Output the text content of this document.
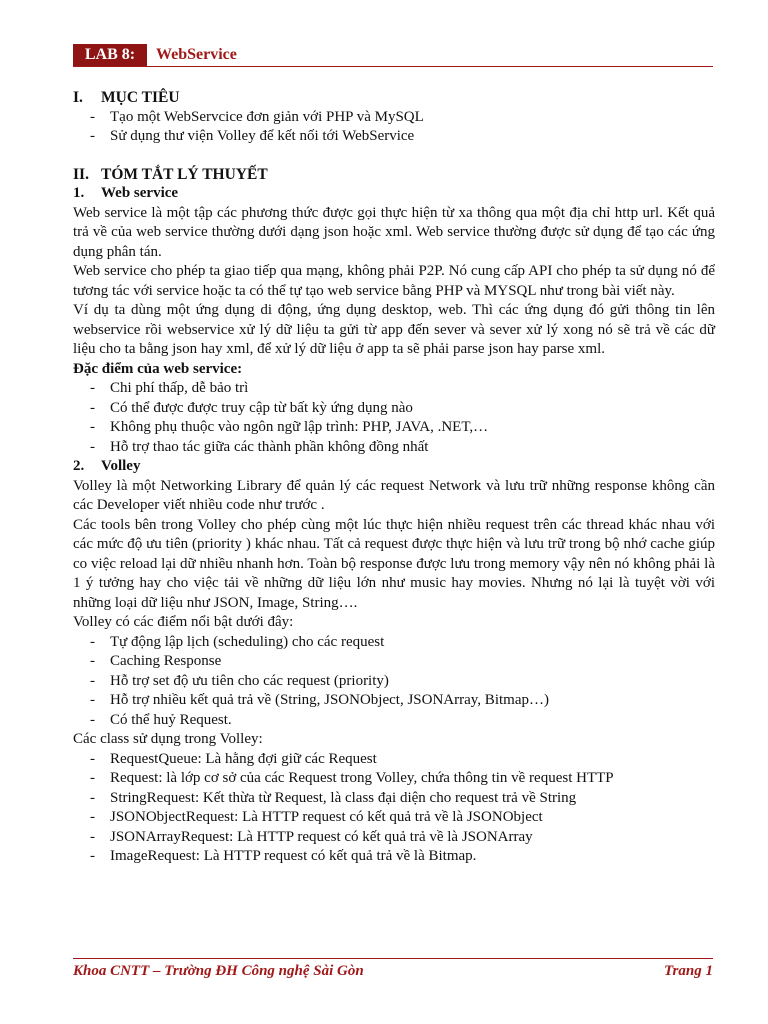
LAB 8:	WebService
I. MỤC TIÊU
- Tạo một WebServcice đơn giản với PHP và MySQL
- Sử dụng thư viện Volley để kết nối tới WebService
II. TÓM TẮT LÝ THUYẾT
1. Web service

Web service là một tập các phương thức được gọi thực hiện từ xa thông qua một địa chỉ http url. Kết quả trả về của web service thường dưới dạng json hoặc xml. Web service thường được sử dụng để tạo các ứng dụng phân tán.

Web service cho phép ta giao tiếp qua mạng, không phải P2P. Nó cung cấp API cho phép ta sử dụng nó để tương tác với service hoặc ta có thể tự tạo web service bằng PHP và MYSQL như trong bài viết này.

Ví dụ ta dùng một ứng dụng di động, ứng dụng desktop, web. Thì các ứng dụng đó gửi thông tin lên webservice rồi webservice xử lý dữ liệu ta gửi từ app đến sever và sever xử lý xong nó sẽ trả về các dữ liệu cho ta bằng json hay xml, để xử lý dữ liệu ở app ta sẽ phải parse json hay parse xml.

Đặc điểm của web service:
- Chi phí thấp, dễ bảo trì
- Có thể được được truy cập từ bất kỳ ứng dụng nào
- Không phụ thuộc vào ngôn ngữ lập trình: PHP, JAVA, .NET,…
- Hỗ trợ thao tác giữa các thành phần không đồng nhất
2. Volley

Volley là một Networking Library để quản lý các request Network và lưu trữ những response không cần các Developer viết nhiều code như trước .

Các tools bên trong Volley cho phép cùng một lúc thực hiện nhiều request trên các thread khác nhau với các mức độ ưu tiên (priority ) khác nhau. Tất cả request được thực hiện và lưu trữ trong bộ nhớ cache giúp co việc reload lại dữ nhiều nhanh hơn. Toàn bộ response được lưu trong memory vậy nên nó không phải là 1 ý tưởng hay cho việc tải về những dữ liệu lớn như music hay movies. Nhưng nó lại là tuyệt vời với những loại dữ liệu như JSON, Image, String….

Volley có các điểm nổi bật dưới đây:
- Tự động lập lịch (scheduling) cho các request
- Caching Response
- Hỗ trợ set độ ưu tiên cho các request (priority)
- Hỗ trợ nhiều kết quả trả về (String, JSONObject, JSONArray, Bitmap…)
- Có thể huỷ Request.
Các class sử dụng trong Volley:
- RequestQueue: Là hằng đợi giữ các Request
- Request: là lớp cơ sở của các Request trong Volley, chứa thông tin về request HTTP
- StringRequest: Kết thừa từ Request, là class đại diện cho request trả về String
- JSONObjectRequest: Là HTTP request có kết quả trả về là JSONObject
- JSONArrayRequest: Là HTTP request có kết quả trả về là JSONArray
- ImageRequest: Là HTTP request có kết quả trả về là Bitmap.
Khoa CNTT – Trường ĐH Công nghệ Sài Gòn	Trang 1
